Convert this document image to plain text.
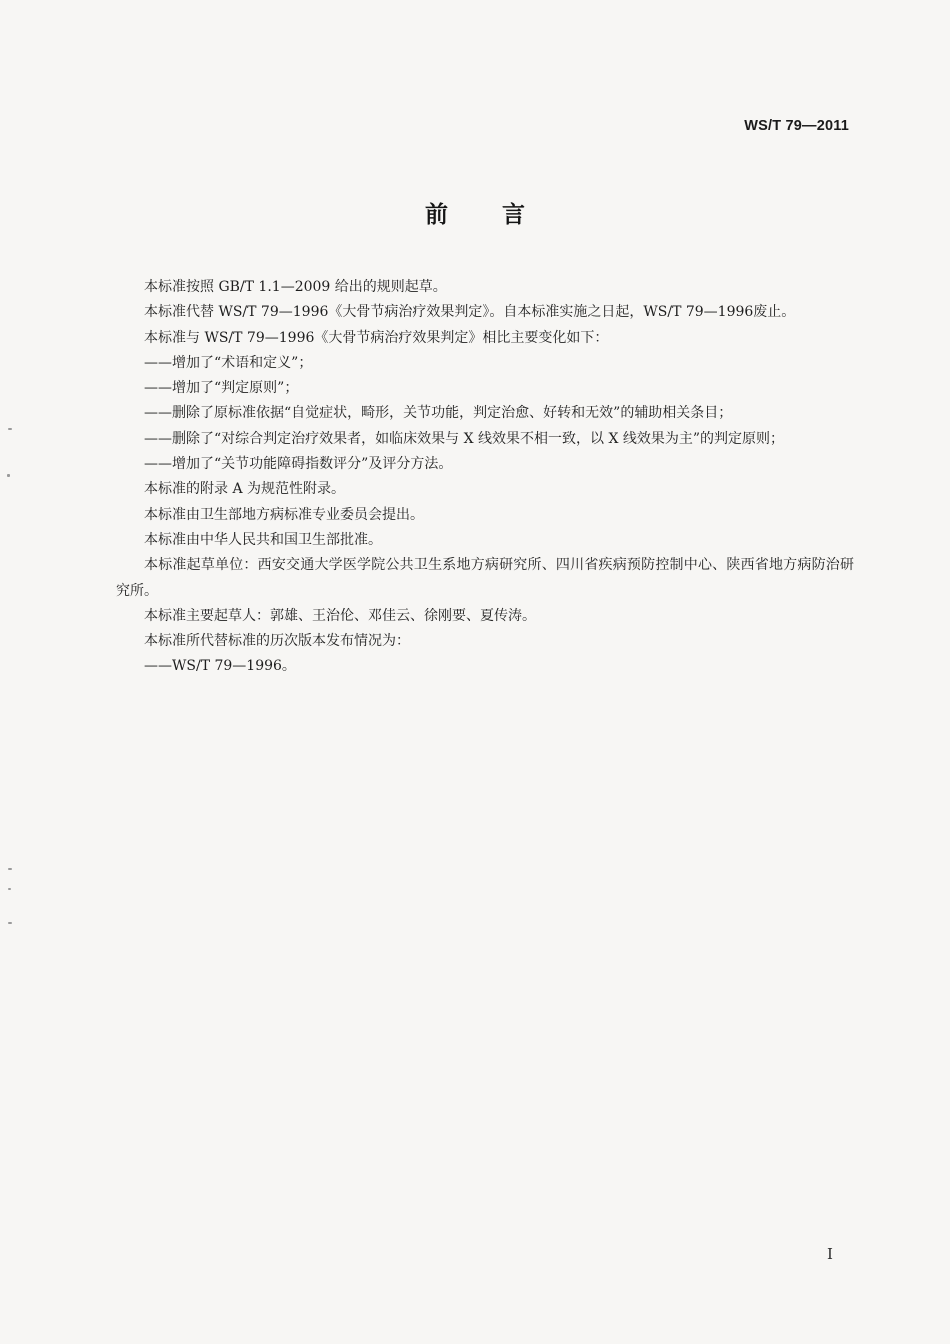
WS/T 79—2011
前言

本标准按照 GB/T 1.1—2009 给出的规则起草。

本标准代替 WS/T 79—1996《大骨节病治疗效果判定》。自本标准实施之日起，WS/T 79—1996废止。

本标准与 WS/T 79—1996《大骨节病治疗效果判定》相比主要变化如下：

—— 增加了“术语和定义”；

—— 增加了“判定原则”；

—— 删除了原标准依据“自觉症状，畸形，关节功能，判定治愈、好转和无效”的辅助相关条目；

—— 删除了“对综合判定治疗效果者，如临床效果与 X 线效果不相一致，以 X 线效果为主”的判定原则；

—— 增加了“关节功能障碍指数评分”及评分方法。

本标准的附录 A 为规范性附录。

本标准由卫生部地方病标准专业委员会提出。

本标准由中华人民共和国卫生部批准。

本标准起草单位：西安交通大学医学院公共卫生系地方病研究所、四川省疾病预防控制中心、陕西省地方病防治研究所。

本标准主要起草人：郭雄、王治伦、邓佳云、徐刚要、夏传涛。

本标准所代替标准的历次版本发布情况为：

—— WS/T 79—1996。

I
